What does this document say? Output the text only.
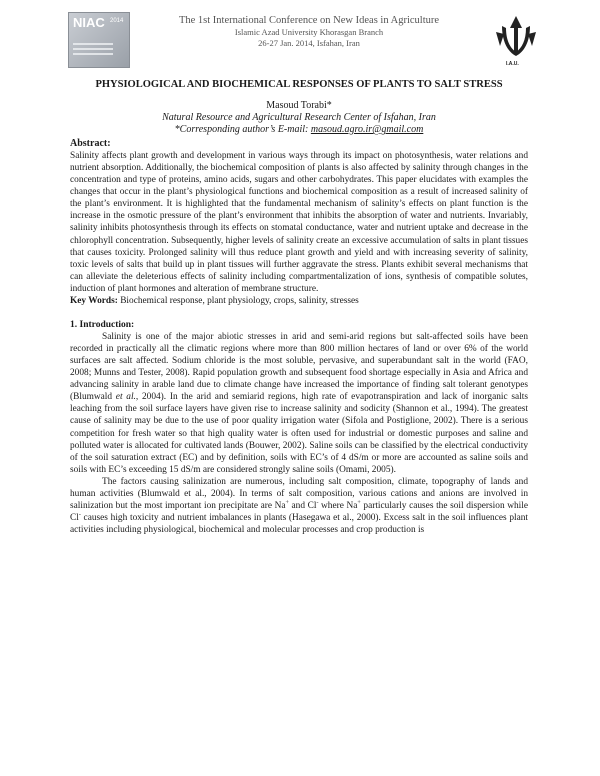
NIAC 2014	The 1st International Conference on New Ideas in Agriculture
Islamic Azad University Khorasgan Branch
26-27 Jan. 2014, Isfahan, Iran
I.A.U.

PHYSIOLOGICAL AND BIOCHEMICAL RESPONSES OF PLANTS TO SALT STRESS

Masoud Torabi*
Natural Resource and Agricultural Research Center of Isfahan, Iran
*Corresponding author’s E-mail: masoud.agro.ir@gmail.com
Abstract:

Salinity affects plant growth and development in various ways through its impact on photosynthesis, water relations and nutrient absorption. Additionally, the biochemical composition of plants is also affected by salinity through changes in the concentration and type of proteins, amino acids, sugars and other carbohydrates. This paper elucidates with examples the changes that occur in the plant’s physiological functions and biochemical composition as a result of increased salinity of the plant’s environment. It is highlighted that the fundamental mechanism of salinity’s effects on plant function is the increase in the osmotic pressure of the plant’s environment that inhibits the absorption of water and nutrients. Invariably, salinity inhibits photosynthesis through its effects on stomatal conductance, water and nutrient uptake and decrease in the chlorophyll concentration. Subsequently, higher levels of salinity create an excessive accumulation of salts in plant tissues that causes toxicity. Prolonged salinity will thus reduce plant growth and yield and with increasing severity of salinity, toxic levels of salts that build up in plant tissues will further aggravate the stress. Plants exhibit several mechanisms that can alleviate the deleterious effects of salinity including compartmentalization of ions, synthesis of compatible solutes, induction of plant hormones and alteration of membrane structure.

Key Words: Biochemical response, plant physiology, crops, salinity, stresses

1. Introduction:

Salinity is one of the major abiotic stresses in arid and semi-arid regions but salt-affected soils have been recorded in practically all the climatic regions where more than 800 million hectares of land or over 6% of the world surfaces are salt affected. Sodium chloride is the most soluble, pervasive, and superabundant salt in the world (FAO, 2008; Munns and Tester, 2008). Rapid population growth and subsequent food shortage especially in Asia and Africa and advancing salinity in arable land due to climate change have increased the importance of finding salt tolerant genotypes (Blumwald et al., 2004). In the arid and semiarid regions, high rate of evapotranspiration and lack of inorganic salts leaching from the soil surface layers have given rise to increase salinity and sodicity (Shannon et al., 1994). The greatest cause of salinity may be due to the use of poor quality irrigation water (Sifola and Postiglione, 2002). There is a serious competition for fresh water so that high quality water is often used for industrial or domestic purposes and saline and polluted water is allocated for cultivated lands (Bouwer, 2002). Saline soils can be classified by the electrical conductivity of the soil saturation extract (EC) and by definition, soils with EC’s of 4 dS/m or more are accounted as saline soils and soils with EC’s exceeding 15 dS/m are considered strongly saline soils (Omami, 2005).

The factors causing salinization are numerous, including salt composition, climate, topography of lands and human activities (Blumwald et al., 2004). In terms of salt composition, various cations and anions are involved in salinization but the most important ion precipitate are Na+ and Cl- where Na+ particularly causes the soil dispersion while Cl- causes high toxicity and nutrient imbalances in plants (Hasegawa et al., 2000). Excess salt in the soil influences plant activities including physiological, biochemical and molecular processes and crop production is
